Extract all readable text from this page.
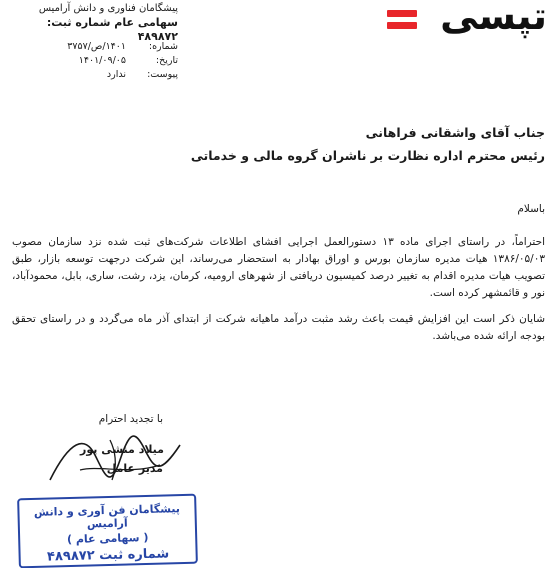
پیشگامان فناوری و دانش آرامیس
سهامی عام شماره ثبت: ۴۸۹۸۷۲
شماره:
۱۴۰۱/ص/۳۷۵۷
تاریخ:
۱۴۰۱/۰۹/۰۵
پیوست:
ندارد
تپسی
جناب آقای واشقانی فراهانی
رئیس محترم اداره نظارت بر ناشران گروه مالی و خدماتی
باسلام
احتراماً، در راستای اجرای ماده ۱۳ دستورالعمل اجرایی افشای اطلاعات شرکت‌های ثبت شده نزد سازمان مصوب ۱۳۸۶/۰۵/۰۳ هیات مدیره سازمان بورس و اوراق بهادار به استحضار می‌رساند، این شرکت درجهت توسعه بازار، طبق تصویب هیات مدیره اقدام به تغییر درصد کمیسیون دریافتی از شهرهای ارومیه، کرمان، یزد، رشت، ساری، بابل، محمودآباد، نور و قائمشهر کرده است.
شایان ذکر است این افزایش قیمت باعث رشد مثبت درآمد ماهیانه شرکت از ابتدای آذر ماه می‌گردد و در راستای تحقق بودجه ارائه شده می‌باشد.
با تجدید احترام
میلاد منشی پور
مدیر عامل
پیشگامان فن آوری و دانش آرامیس
( سهامی عام )
شماره ثبت ۴۸۹۸۷۲
